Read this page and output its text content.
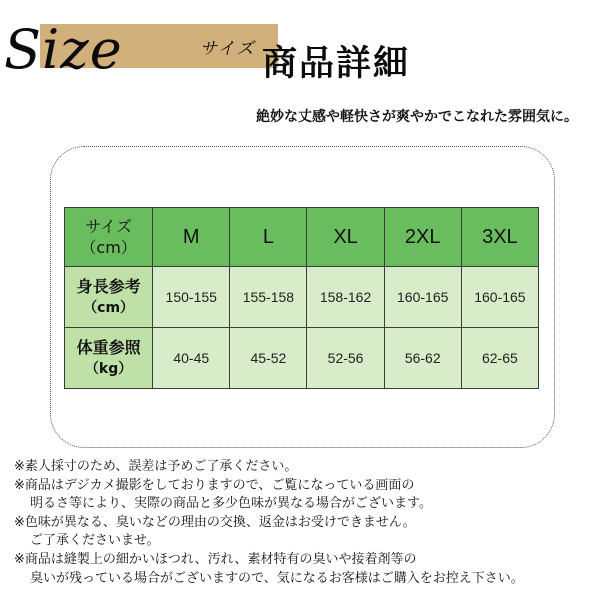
Size	サイズ 商品詳細
絶妙な丈感や軽快さが爽やかでこなれた雰囲気に。
サイズ
（cm）	M	L	XL	2XL	3XL

身長参考
（cm）	150-155	155-158	158-162	160-165	160-165

体重参照
（kg）	40-45	45-52	52-56	56-62	62-65
※素人採寸のため、誤差は予めご了承ください。
※商品はデジカメ撮影をしておりますので、ご覧になっている画面の
明るさ等により、実際の商品と多少色味が異なる場合がございます。
※色味が異なる、臭いなどの理由の交換、返金はお受けできません。
ご了承くださいませ。
※商品は縫製上の細かいほつれ、汚れ、素材特有の臭いや接着剤等の
臭いが残っている場合がございますので、気になるお客様はご購入をお控え下さい。
